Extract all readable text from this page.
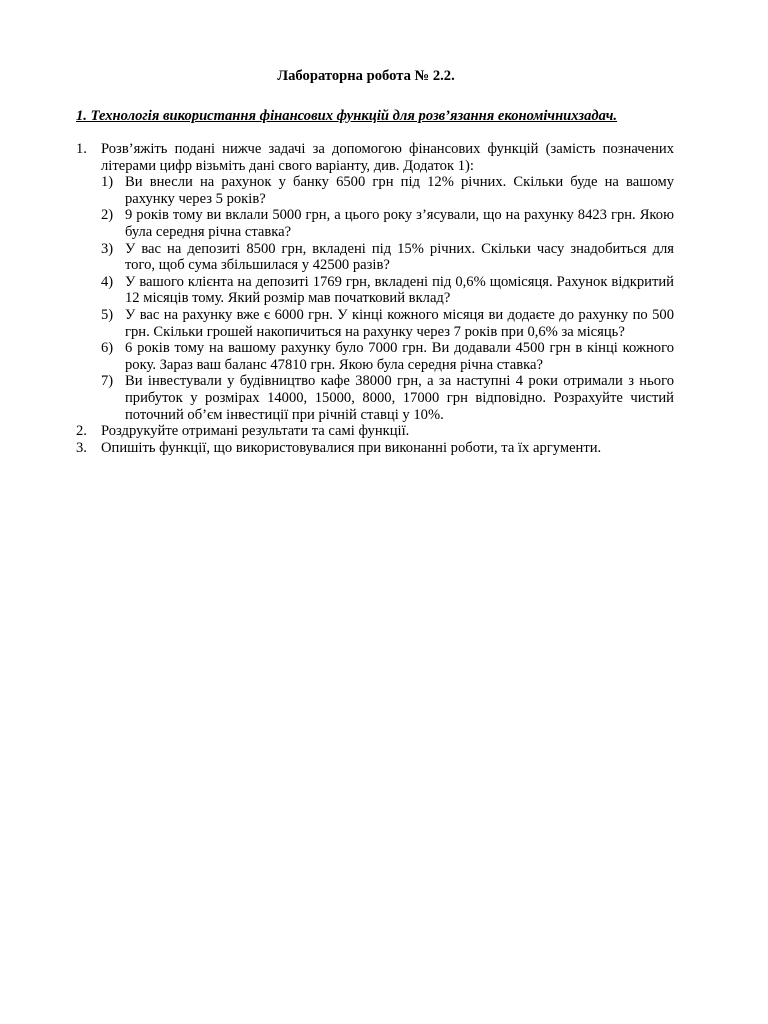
Лабораторна робота № 2.2.
1. Технологія використання фінансових функцій для розв’язання економічнихзадач.
1. Розв’яжіть подані нижче задачі за допомогою фінансових функцій (замість позначених літерами цифр візьміть дані свого варіанту, див. Додаток 1):
1) Ви внесли на рахунок у банку 6500 грн під 12% річних. Скільки буде на вашому рахунку через 5 років?
2) 9 років тому ви вклали 5000 грн, а цього року з’ясували, що на рахунку 8423 грн. Якою була середня річна ставка?
3) У вас на депозиті 8500 грн, вкладені під 15% річних. Скільки часу знадобиться для того, щоб сума збільшилася у 42500 разів?
4) У вашого клієнта на депозиті 1769 грн, вкладені під 0,6% щомісяця. Рахунок відкритий 12 місяців тому. Який розмір мав початковий вклад?
5) У вас на рахунку вже є 6000 грн. У кінці кожного місяця ви додаєте до рахунку по 500 грн. Скільки грошей накопичиться на рахунку через 7 років при 0,6% за місяць?
6) 6 років тому на вашому рахунку було 7000 грн. Ви додавали 4500 грн в кінці кожного року. Зараз ваш баланс 47810 грн. Якою була середня річна ставка?
7) Ви інвестували у будівництво кафе 38000 грн, а за наступні 4 роки отримали з нього прибуток у розмірах 14000, 15000, 8000, 17000 грн відповідно. Розрахуйте чистий поточний об’єм інвестиції при річній ставці у 10%.
2. Роздрукуйте отримані результати та самі функції.
3. Опишіть функції, що використовувалися при виконанні роботи, та їх аргументи.
